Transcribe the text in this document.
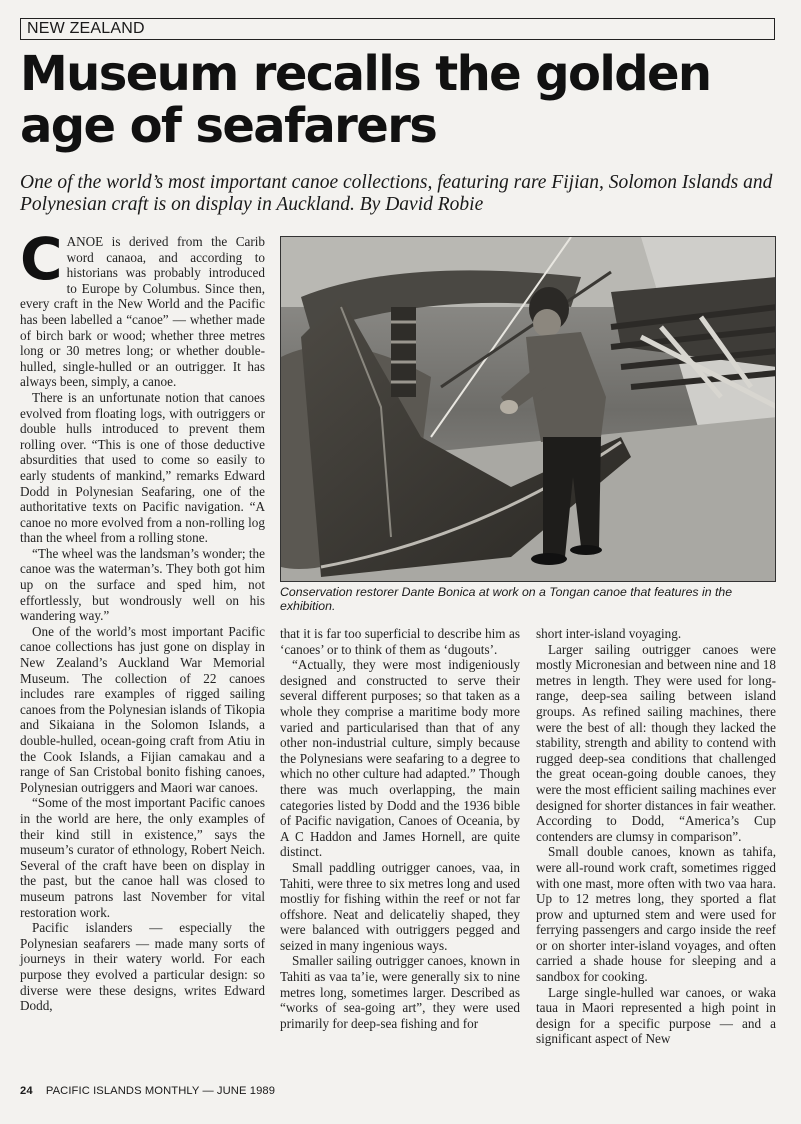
NEW ZEALAND
Museum recalls the golden age of seafarers
One of the world’s most important canoe collections, featuring rare Fijian, Solomon Islands and Polynesian craft is on display in Auckland. By David Robie

CANOE is derived from the Carib word canaoa, and according to historians was probably introduced to Europe by Columbus. Since then, every craft in the New World and the Pacific has been labelled a “canoe” — whether made of birch bark or wood; whether three metres long or 30 metres long; or whether double-hulled, single-hulled or an outrigger. It has always been, simply, a canoe.

There is an unfortunate notion that canoes evolved from floating logs, with outriggers or double hulls introduced to prevent them rolling over. “This is one of those deductive absurdities that used to come so easily to early students of mankind,” remarks Edward Dodd in Polynesian Seafaring, one of the authoritative texts on Pacific navigation. “A canoe no more evolved from a non-rolling log than the wheel from a rolling stone.

“The wheel was the landsman’s wonder; the canoe was the waterman’s. They both got him up on the surface and sped him, not effortlessly, but wondrously well on his wandering way.”

One of the world’s most important Pacific canoe collections has just gone on display in New Zealand’s Auckland War Memorial Museum. The collection of 22 canoes includes rare examples of rigged sailing canoes from the Polynesian islands of Tikopia and Sikaiana in the Solomon Islands, a double-hulled, ocean-going craft from Atiu in the Cook Islands, a Fijian camakau and a range of San Cristobal bonito fishing canoes, Polynesian outriggers and Maori war canoes.

“Some of the most important Pacific canoes in the world are here, the only examples of their kind still in existence,” says the museum’s curator of ethnology, Robert Neich. Several of the craft have been on display in the past, but the canoe hall was closed to museum patrons last November for vital restoration work.

Pacific islanders — especially the Polynesian seafarers — made many sorts of journeys in their watery world. For each purpose they evolved a particular design: so diverse were these designs, writes Edward Dodd,

Conservation restorer Dante Bonica at work on a Tongan canoe that features in the exhibition.

that it is far too superficial to describe him as ‘canoes’ or to think of them as ‘dugouts’.

“Actually, they were most indigeniously designed and constructed to serve their several different purposes; so that taken as a whole they comprise a maritime body more varied and particularised than that of any other non-industrial culture, simply because the Polynesians were seafaring to a degree to which no other culture had adapted.” Though there was much overlapping, the main categories listed by Dodd and the 1936 bible of Pacific navigation, Canoes of Oceania, by A C Haddon and James Hornell, are quite distinct.

Small paddling outrigger canoes, vaa, in Tahiti, were three to six metres long and used mostliy for fishing within the reef or not far offshore. Neat and delicateliy shaped, they were balanced with outriggers pegged and seized in many ingenious ways.

Smaller sailing outrigger canoes, known in Tahiti as vaa ta’ie, were generally six to nine metres long, sometimes larger. Described as “works of sea-going art”, they were used primarily for deep-sea fishing and for

short inter-island voyaging.

Larger sailing outrigger canoes were mostly Micronesian and between nine and 18 metres in length. They were used for long-range, deep-sea sailing between island groups. As refined sailing machines, there were the best of all: though they lacked the stability, strength and ability to contend with rugged deep-sea conditions that challenged the great ocean-going double canoes, they were the most efficient sailing machines ever designed for shorter distances in fair weather. According to Dodd, “America’s Cup contenders are clumsy in comparison”.

Small double canoes, known as tahifa, were all-round work craft, sometimes rigged with one mast, more often with two vaa hara. Up to 12 metres long, they sported a flat prow and upturned stem and were used for ferrying passengers and cargo inside the reef or on shorter inter-island voyages, and often carried a shade house for sleeping and a sandbox for cooking.

Large single-hulled war canoes, or waka taua in Maori represented a high point in design for a specific purpose — and a significant aspect of New

24 PACIFIC ISLANDS MONTHLY — JUNE 1989
